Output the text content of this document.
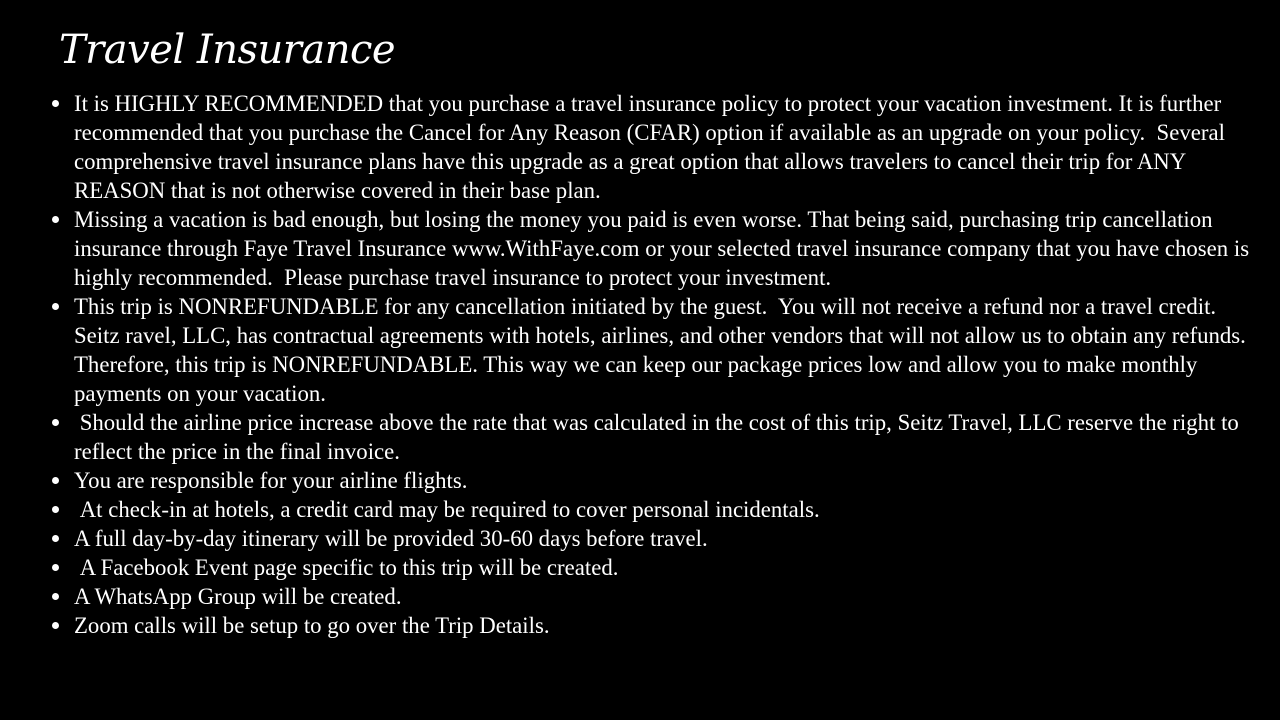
Travel Insurance
It is HIGHLY RECOMMENDED that you purchase a travel insurance policy to protect your vacation investment. It is further recommended that you purchase the Cancel for Any Reason (CFAR) option if available as an upgrade on your policy.  Several comprehensive travel insurance plans have this upgrade as a great option that allows travelers to cancel their trip for ANY REASON that is not otherwise covered in their base plan.
Missing a vacation is bad enough, but losing the money you paid is even worse. That being said, purchasing trip cancellation insurance through Faye Travel Insurance www.WithFaye.com or your selected travel insurance company that you have chosen is highly recommended.  Please purchase travel insurance to protect your investment.
This trip is NONREFUNDABLE for any cancellation initiated by the guest.  You will not receive a refund nor a travel credit. Seitz ravel, LLC, has contractual agreements with hotels, airlines, and other vendors that will not allow us to obtain any refunds. Therefore, this trip is NONREFUNDABLE. This way we can keep our package prices low and allow you to make monthly payments on your vacation.
Should the airline price increase above the rate that was calculated in the cost of this trip, Seitz Travel, LLC reserve the right to reflect the price in the final invoice.
You are responsible for your airline flights.
At check-in at hotels, a credit card may be required to cover personal incidentals.
A full day-by-day itinerary will be provided 30-60 days before travel.
A Facebook Event page specific to this trip will be created.
A WhatsApp Group will be created.
Zoom calls will be setup to go over the Trip Details.
